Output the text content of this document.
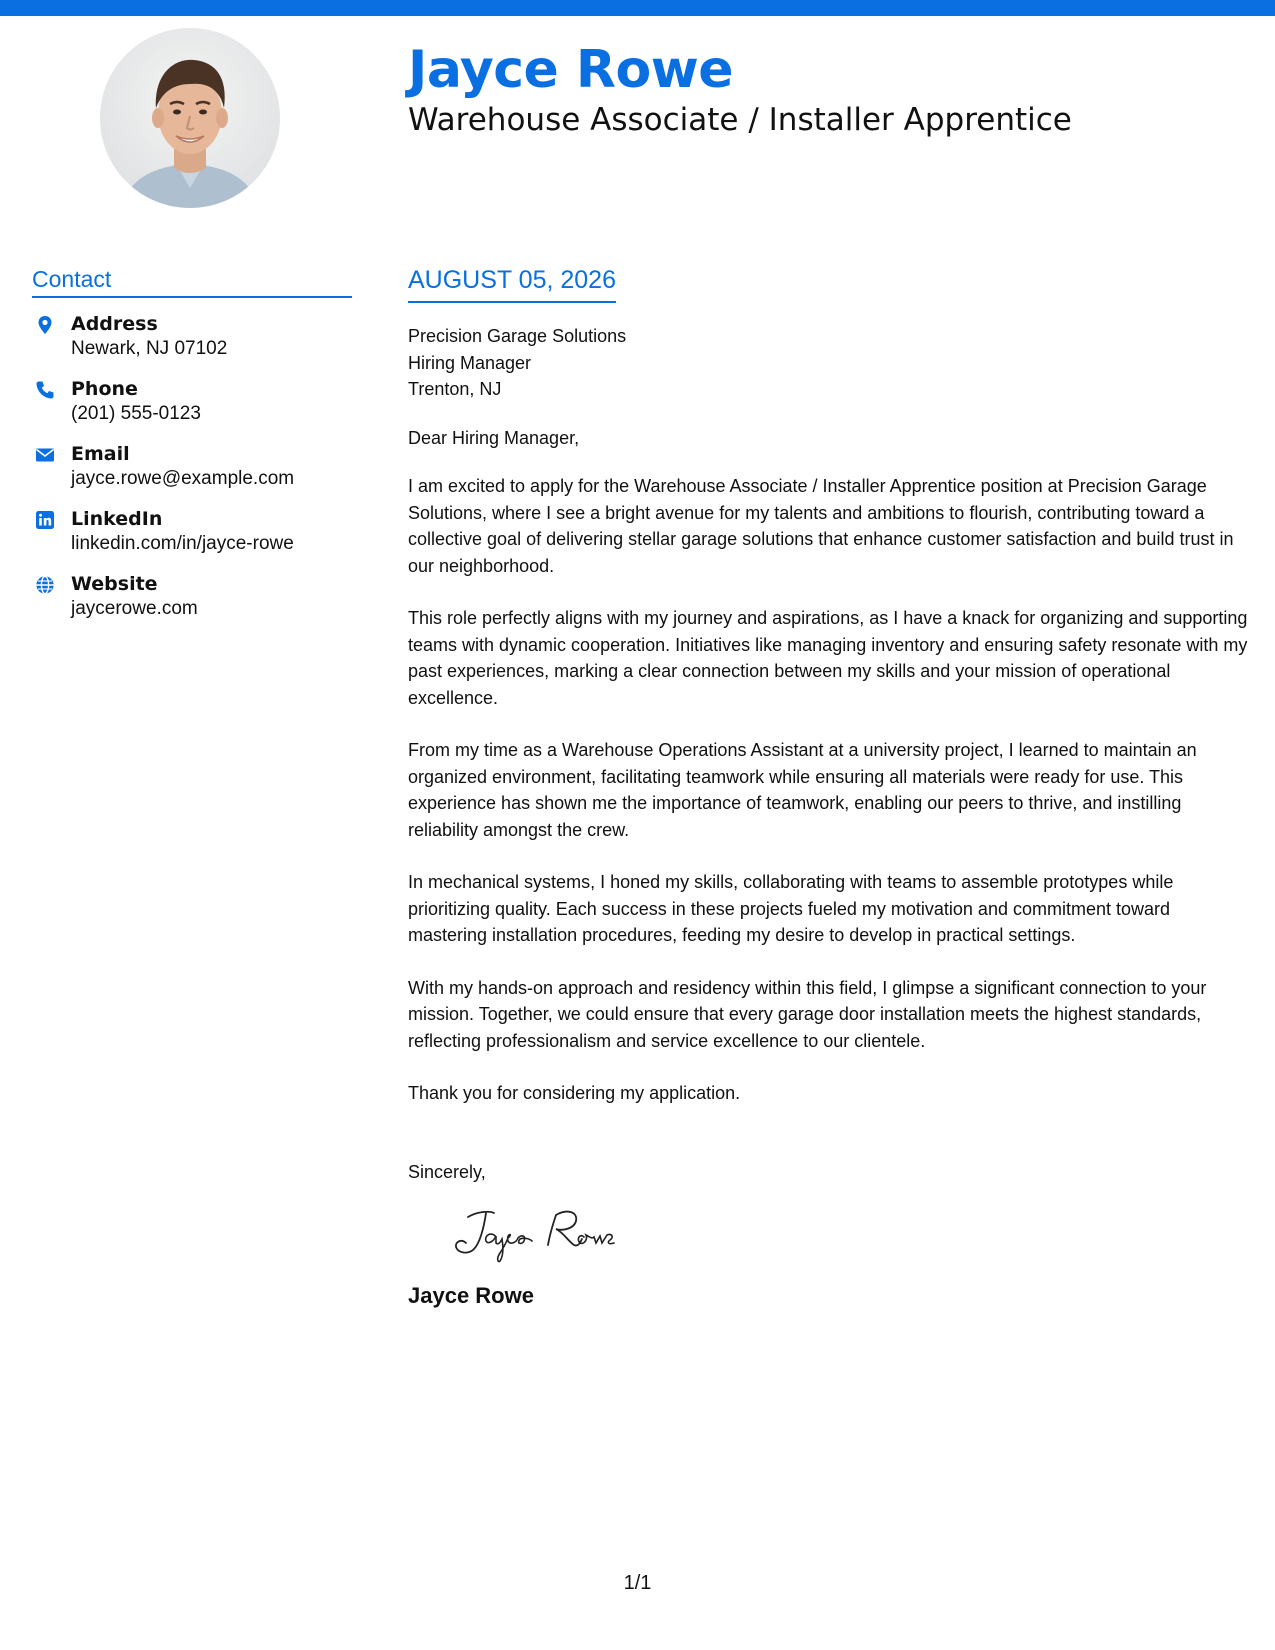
Jayce Rowe
Warehouse Associate / Installer Apprentice
Contact
Address
Newark, NJ 07102
Phone
(201) 555-0123
Email
jayce.rowe@example.com
LinkedIn
linkedin.com/in/jayce-rowe
Website
jaycerowe.com
AUGUST 05, 2026
Precision Garage Solutions
Hiring Manager
Trenton, NJ
Dear Hiring Manager,

I am excited to apply for the Warehouse Associate / Installer Apprentice position at Precision Garage Solutions, where I see a bright avenue for my talents and ambitions to flourish, contributing toward a collective goal of delivering stellar garage solutions that enhance customer satisfaction and build trust in our neighborhood.

This role perfectly aligns with my journey and aspirations, as I have a knack for organizing and supporting teams with dynamic cooperation. Initiatives like managing inventory and ensuring safety resonate with my past experiences, marking a clear connection between my skills and your mission of operational excellence.

From my time as a Warehouse Operations Assistant at a university project, I learned to maintain an organized environment, facilitating teamwork while ensuring all materials were ready for use. This experience has shown me the importance of teamwork, enabling our peers to thrive, and instilling reliability amongst the crew.

In mechanical systems, I honed my skills, collaborating with teams to assemble prototypes while prioritizing quality. Each success in these projects fueled my motivation and commitment toward mastering installation procedures, feeding my desire to develop in practical settings.

With my hands-on approach and residency within this field, I glimpse a significant connection to your mission. Together, we could ensure that every garage door installation meets the highest standards, reflecting professionalism and service excellence to our clientele.

Thank you for considering my application.

Sincerely,
Jayce Rowe
1/1
